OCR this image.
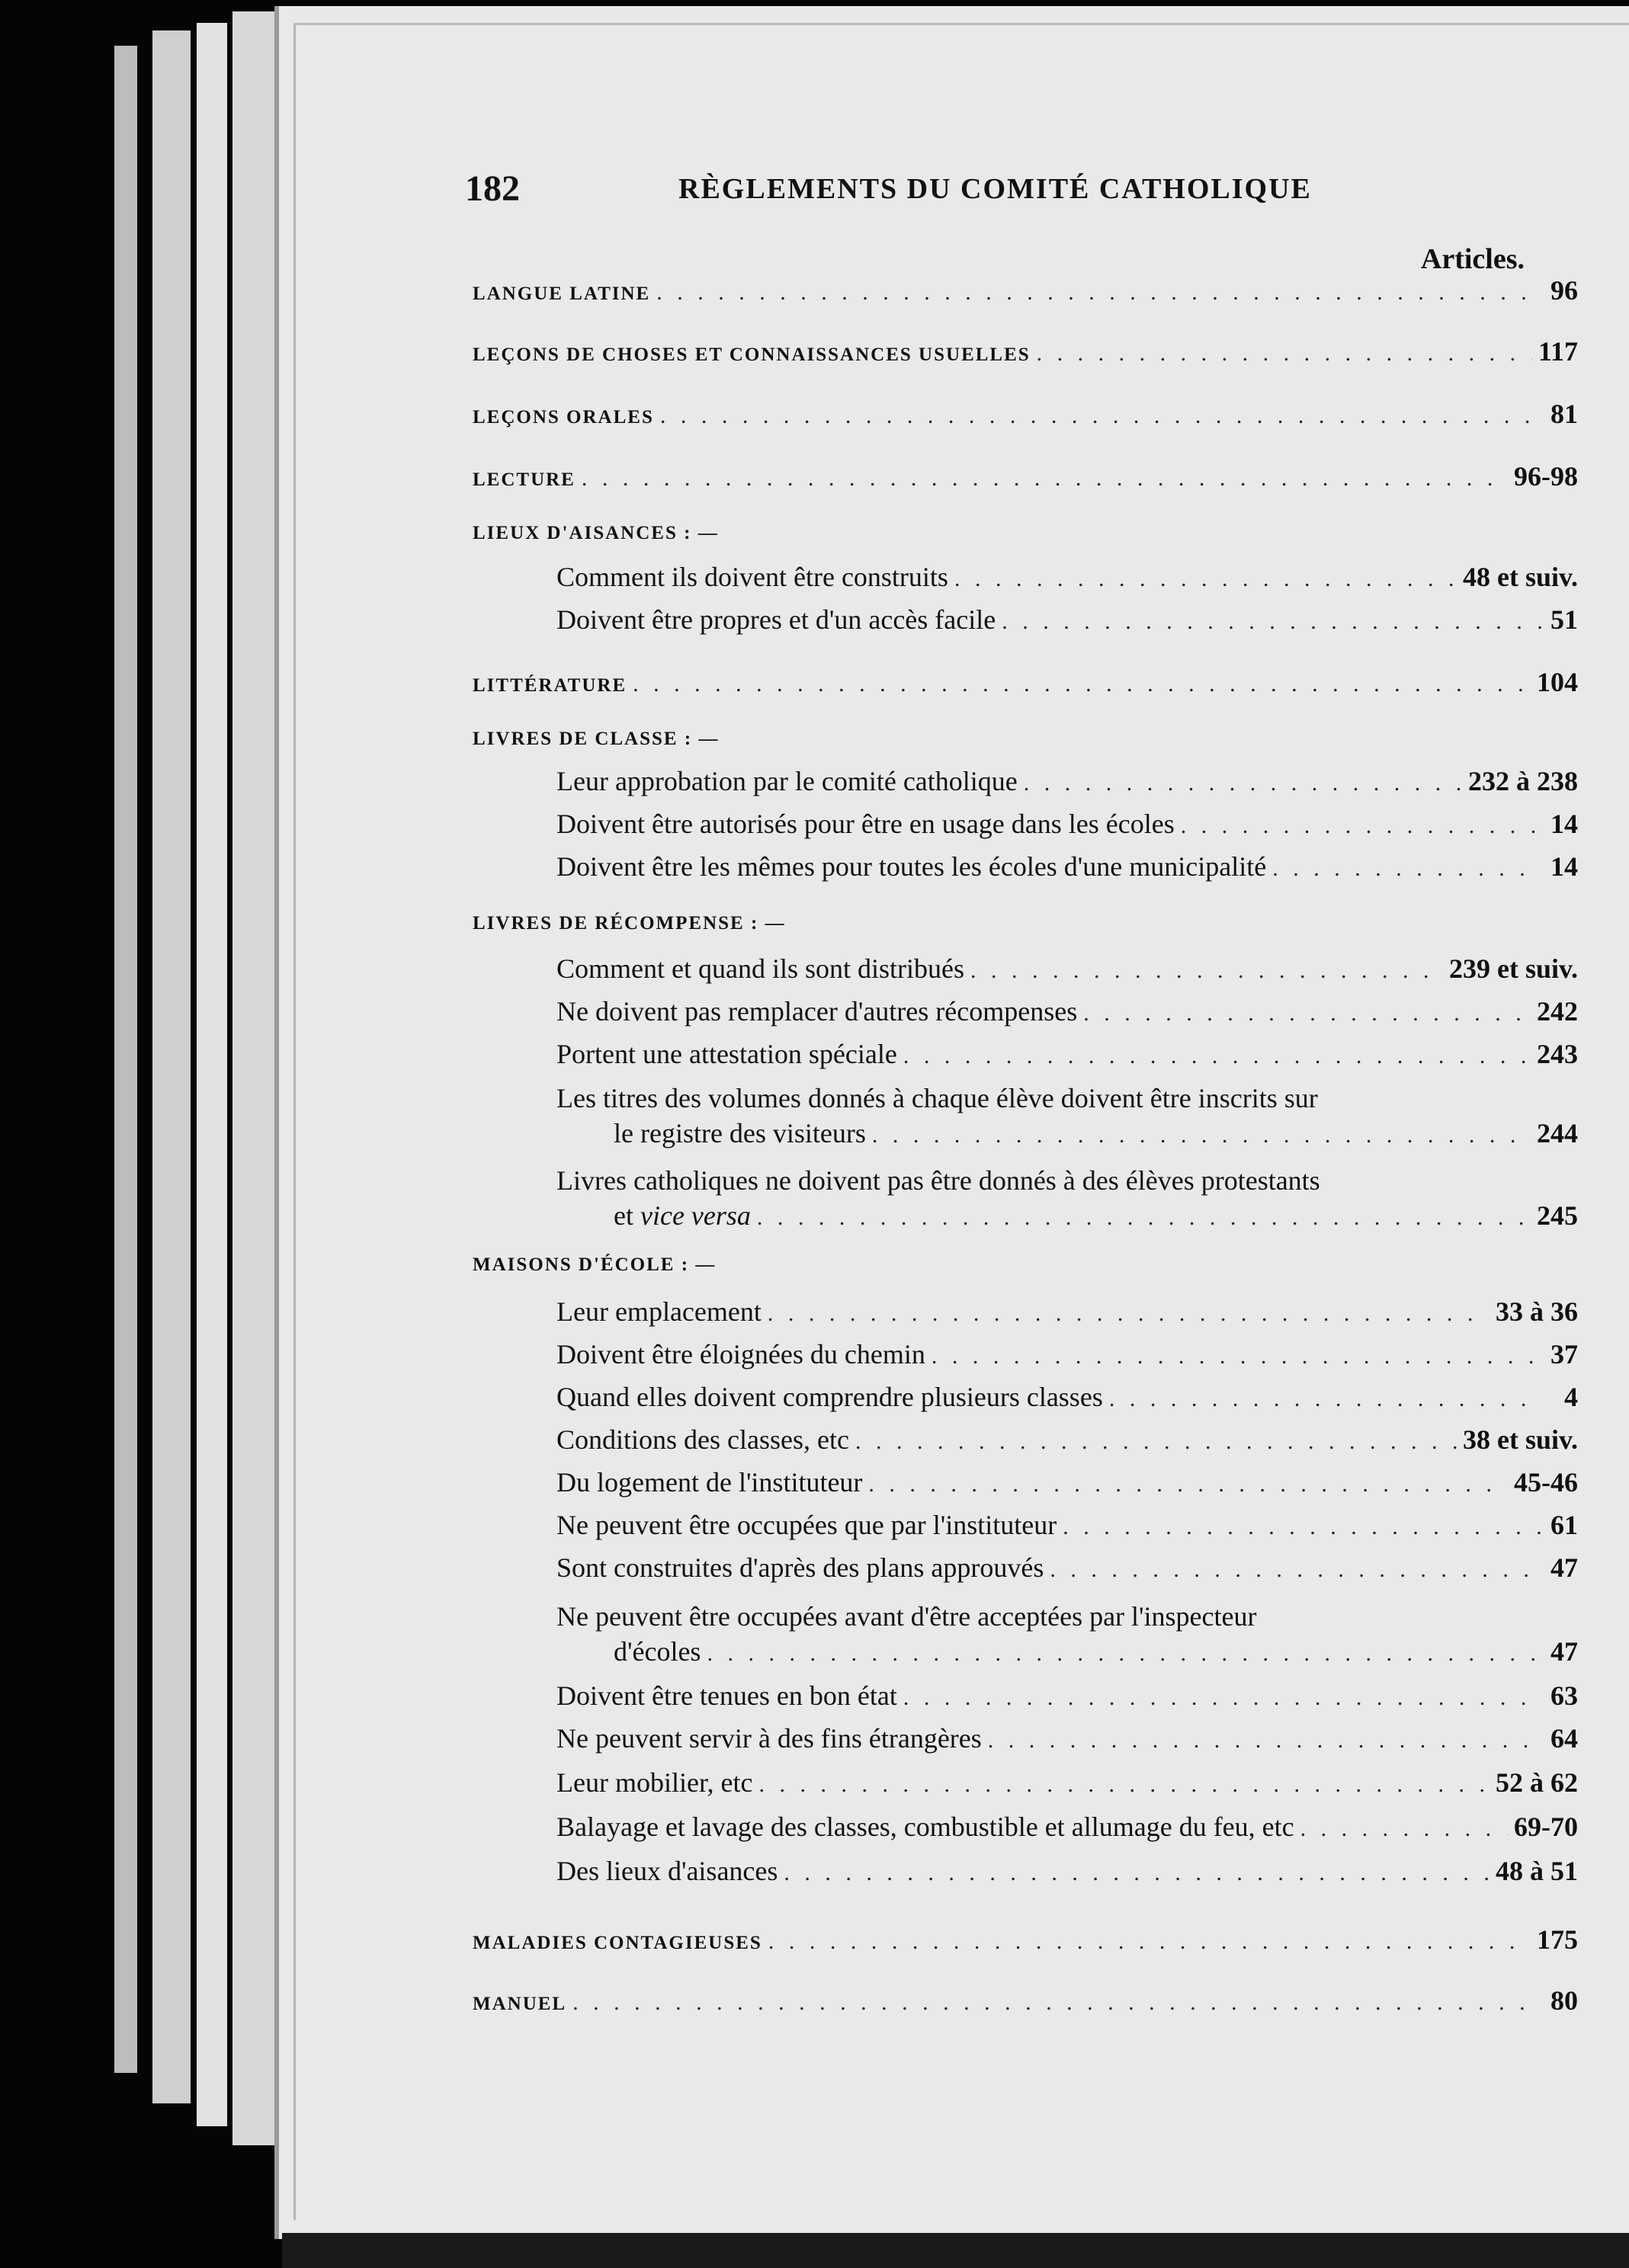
182	RÈGLEMENTS DU COMITÉ CATHOLIQUE
Articles.
LANGUE LATINE . . .	96
LEÇONS DE CHOSES ET CONNAISSANCES USUELLES . . .	117
LEÇONS ORALES . . .	81
LECTURE . . .	96-98
LIEUX D'AISANCES : —
Comment ils doivent être construits . . .	48 et suiv.
Doivent être propres et d'un accès facile . . .	51
LITTÉRATURE . . .	104
LIVRES DE CLASSE : —
Leur approbation par le comité catholique . . .	232 à 238
Doivent être autorisés pour être en usage dans les écoles . . .	14
Doivent être les mêmes pour toutes les écoles d'une municipalité . . .	14
LIVRES DE RÉCOMPENSE : —
Comment et quand ils sont distribués . . .	239 et suiv.
Ne doivent pas remplacer d'autres récompenses . . .	242
Portent une attestation spéciale . . .	243
Les titres des volumes donnés à chaque élève doivent être inscrits sur
le registre des visiteurs . . .	244
Livres catholiques ne doivent pas être donnés à des élèves protestants
et vice versa . . .	245
MAISONS D'ÉCOLE : —
Leur emplacement . . .	33 à 36
Doivent être éloignées du chemin . . .	37
Quand elles doivent comprendre plusieurs classes . . .	4
Conditions des classes, etc . . .	38 et suiv.
Du logement de l'instituteur . . .	45-46
Ne peuvent être occupées que par l'instituteur . . .	61
Sont construites d'après des plans approuvés . . .	47
Ne peuvent être occupées avant d'être acceptées par l'inspecteur
d'écoles . . .	47
Doivent être tenues en bon état . . .	63
Ne peuvent servir à des fins étrangères . . .	64
Leur mobilier, etc . . .	52 à 62
Balayage et lavage des classes, combustible et allumage du feu, etc . . .	69-70
Des lieux d'aisances . . .	48 à 51
MALADIES CONTAGIEUSES . . .	175
MANUEL . . .	80
